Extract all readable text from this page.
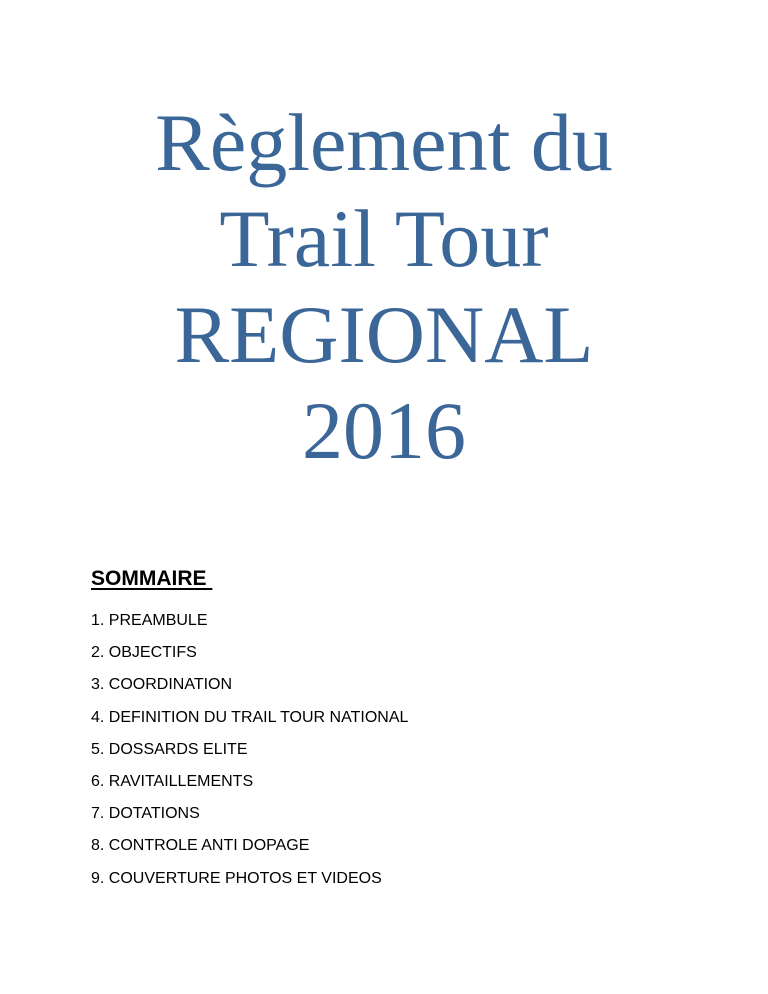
Règlement du
Trail Tour
REGIONAL
2016
SOMMAIRE
1. PREAMBULE
2. OBJECTIFS
3. COORDINATION
4. DEFINITION DU TRAIL TOUR NATIONAL
5. DOSSARDS ELITE
6. RAVITAILLEMENTS
7. DOTATIONS
8. CONTROLE ANTI DOPAGE
9. COUVERTURE PHOTOS ET VIDEOS
